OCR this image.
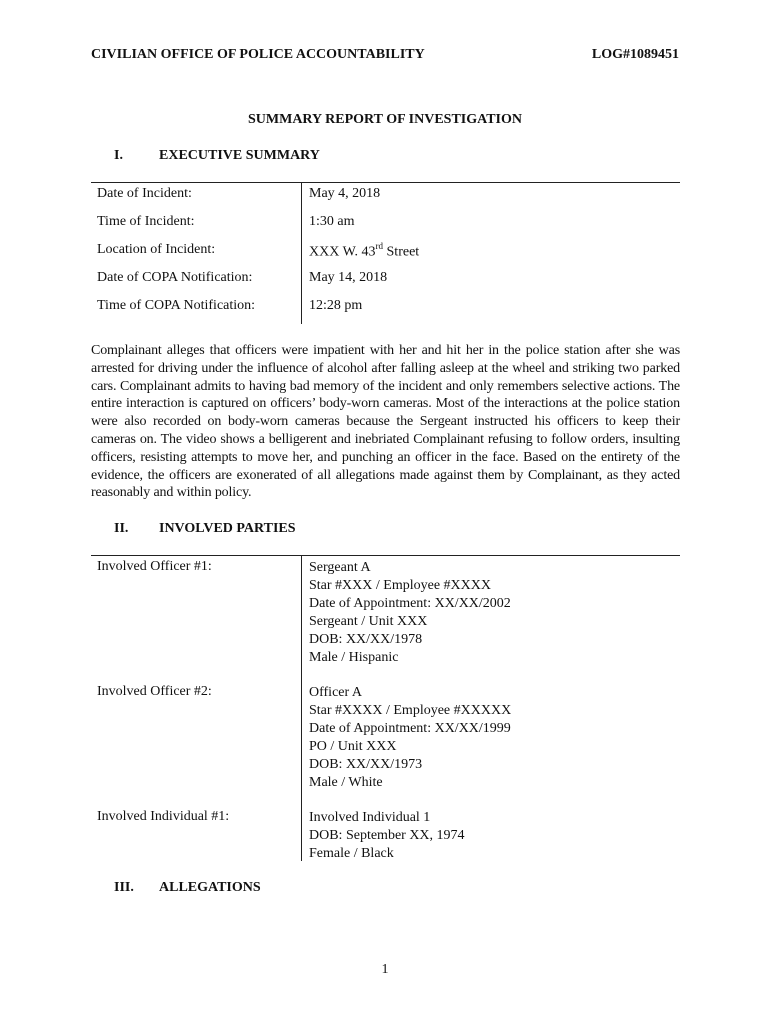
CIVILIAN OFFICE OF POLICE ACCOUNTABILITY	LOG#1089451
SUMMARY REPORT OF INVESTIGATION
I.	EXECUTIVE SUMMARY
Date of Incident:	May 4, 2018
Time of Incident:	1:30 am
Location of Incident:	XXX W. 43rd Street
Date of COPA Notification:	May 14, 2018
Time of COPA Notification:	12:28 pm
Complainant alleges that officers were impatient with her and hit her in the police station after she was arrested for driving under the influence of alcohol after falling asleep at the wheel and striking two parked cars. Complainant admits to having bad memory of the incident and only remembers selective actions. The entire interaction is captured on officers’ body-worn cameras. Most of the interactions at the police station were also recorded on body-worn cameras because the Sergeant instructed his officers to keep their cameras on. The video shows a belligerent and inebriated Complainant refusing to follow orders, insulting officers, resisting attempts to move her, and punching an officer in the face. Based on the entirety of the evidence, the officers are exonerated of all allegations made against them by Complainant, as they acted reasonably and within policy.
II. INVOLVED PARTIES
Involved Officer #1:	Sergeant A
Star #XXX / Employee #XXXX
Date of Appointment: XX/XX/2002
Sergeant / Unit XXX
DOB: XX/XX/1978
Male / Hispanic
Involved Officer #2:	Officer A
Star #XXXX / Employee #XXXXX
Date of Appointment: XX/XX/1999
PO / Unit XXX
DOB: XX/XX/1973
Male / White
Involved Individual #1:	Involved Individual 1
DOB: September XX, 1974
Female / Black
III. ALLEGATIONS
1
